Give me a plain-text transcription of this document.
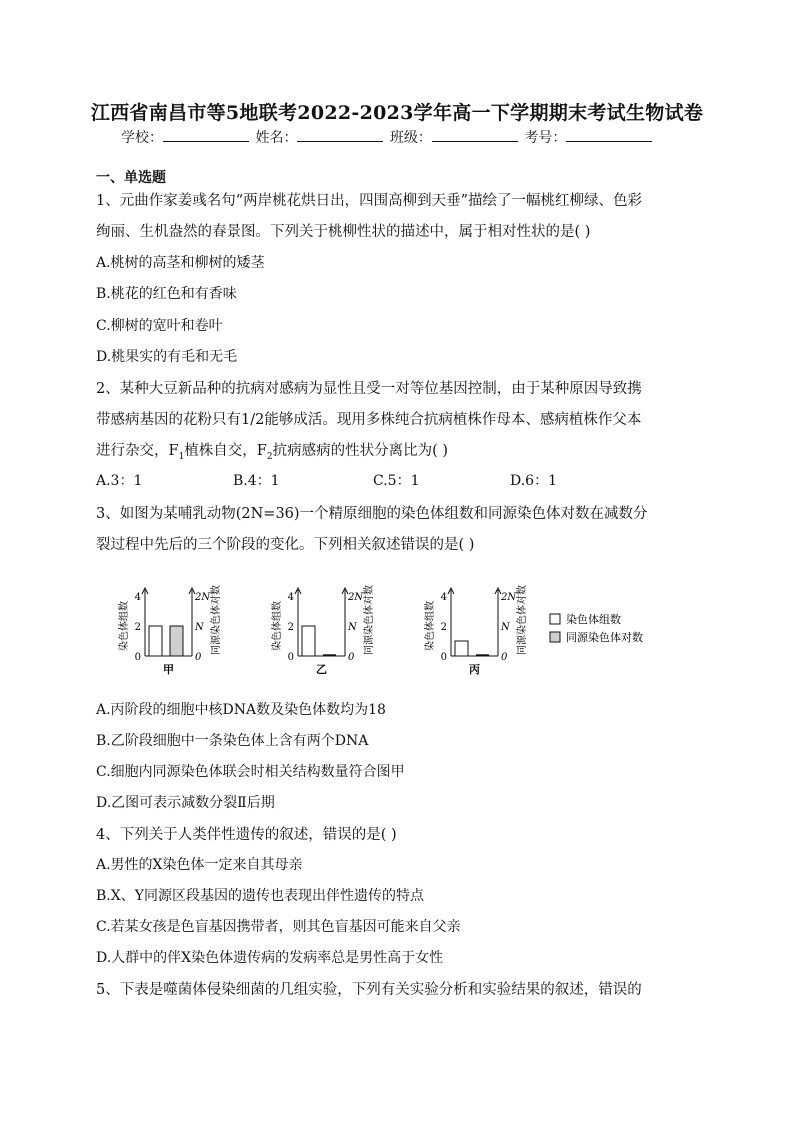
江西省南昌市等5地联考2022-2023学年高一下学期期末考试生物试卷
学校：	姓名：	班级：	考号：
一、单选题
1、元曲作家姜彧名句“两岸桃花烘日出，四围高柳到天垂”描绘了一幅桃红柳绿、色彩
绚丽、生机盎然的春景图。下列关于桃柳性状的描述中，属于相对性状的是( )
A.桃树的高茎和柳树的矮茎
B.桃花的红色和有香味
C.柳树的宽叶和卷叶
D.桃果实的有毛和无毛
2、某种大豆新品种的抗病对感病为显性且受一对等位基因控制，由于某种原因导致携
带感病基因的花粉只有1/2能够成活。现用多株纯合抗病植株作母本、感病植株作父本
进行杂交，$F_1$植株自交，$F_2$抗病感病的性状分离比为( )
A.3：1	B.4：1	C.5：1	D.6：1
3、如图为某哺乳动物(2N=36)一个精原细胞的染色体组数和同源染色体对数在减数分
裂过程中先后的三个阶段的变化。下列相关叙述错误的是( )
4
2
0
2N
N
0
染色体组数	同源染色体对数
甲
4
2
0
2N
N
0
染色体组数	同源染色体对数
乙
4
2
0
2N
N
0
染色体组数	同源染色体对数
丙
染色体组数
同源染色体对数
A.丙阶段的细胞中核DNA数及染色体数均为18
B.乙阶段细胞中一条染色体上含有两个DNA
C.细胞内同源染色体联会时相关结构数量符合图甲
D.乙图可表示减数分裂Ⅱ后期
4、下列关于人类伴性遗传的叙述，错误的是( )
A.男性的X染色体一定来自其母亲
B.X、Y同源区段基因的遗传也表现出伴性遗传的特点
C.若某女孩是色盲基因携带者，则其色盲基因可能来自父亲
D.人群中的伴X染色体遗传病的发病率总是男性高于女性
5、下表是噬菌体侵染细菌的几组实验，下列有关实验分析和实验结果的叙述，错误的
